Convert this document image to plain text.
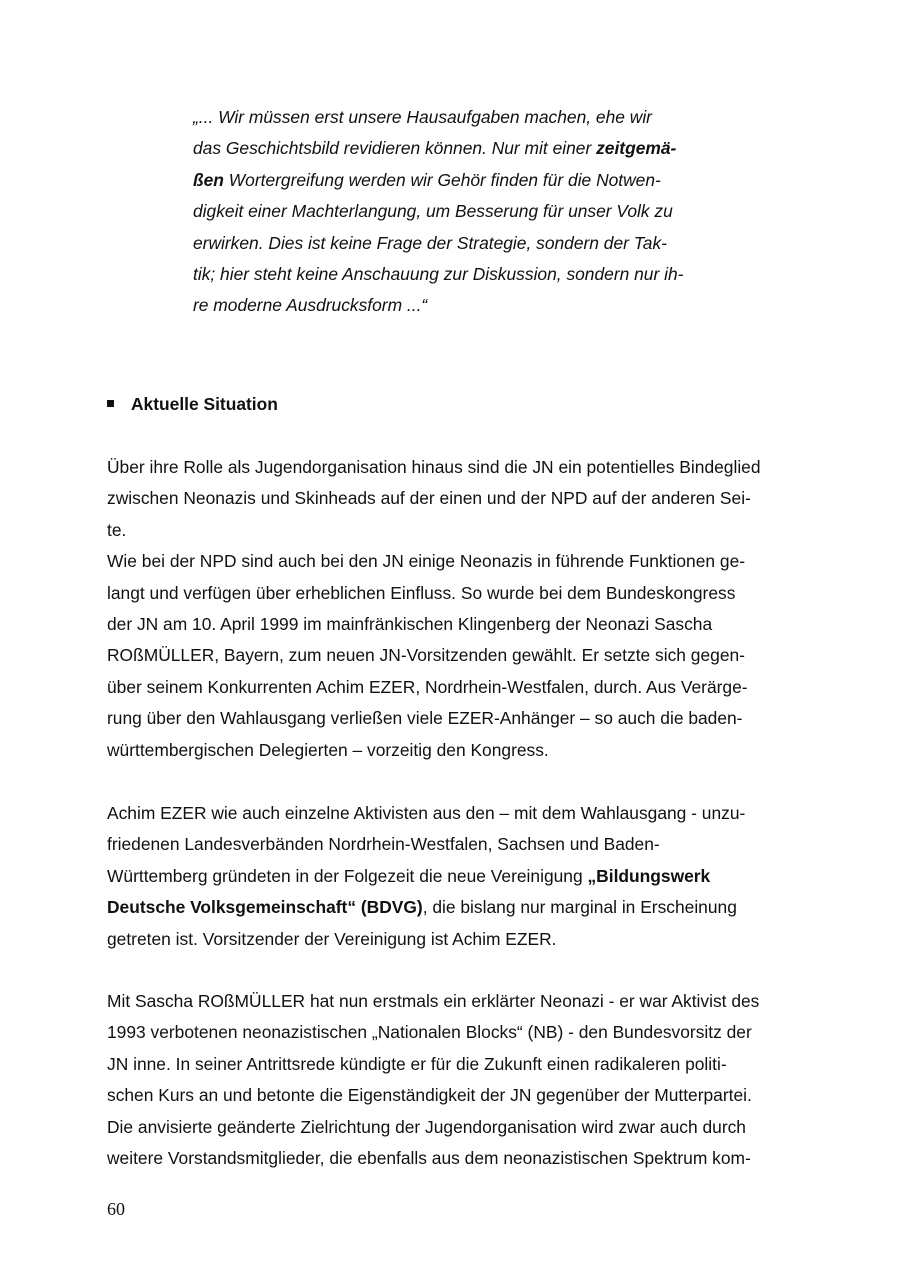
„... Wir müssen erst unsere Hausaufgaben machen, ehe wir
das Geschichtsbild revidieren können. Nur mit einer zeitgemä-
ßen Wortergreifung werden wir Gehör finden für die Notwen-
digkeit einer Machterlangung, um Besserung für unser Volk zu
erwirken. Dies ist keine Frage der Strategie, sondern der Tak-
tik; hier steht keine Anschauung zur Diskussion, sondern nur ih-
re moderne Ausdrucksform ...“
Aktuelle Situation
Über ihre Rolle als Jugendorganisation hinaus sind die JN ein potentielles Bindeglied
zwischen Neonazis und Skinheads auf der einen und der NPD auf der anderen Sei-
te.
Wie bei der NPD sind auch bei den JN einige Neonazis in führende Funktionen ge-
langt und verfügen über erheblichen Einfluss. So wurde bei dem Bundeskongress
der JN am 10. April 1999 im mainfränkischen Klingenberg der Neonazi Sascha
ROßMÜLLER, Bayern, zum neuen JN-Vorsitzenden gewählt. Er setzte sich gegen-
über seinem Konkurrenten Achim EZER, Nordrhein-Westfalen, durch. Aus Verärge-
rung über den Wahlausgang verließen viele EZER-Anhänger – so auch die baden-
württembergischen Delegierten – vorzeitig den Kongress.
Achim EZER wie auch einzelne Aktivisten aus den – mit dem Wahlausgang - unzu-
friedenen Landesverbänden Nordrhein-Westfalen, Sachsen und Baden-
Württemberg gründeten in der Folgezeit die neue Vereinigung „Bildungswerk
Deutsche Volksgemeinschaft“ (BDVG), die bislang nur marginal in Erscheinung
getreten ist. Vorsitzender der Vereinigung ist Achim EZER.
Mit Sascha ROßMÜLLER hat nun erstmals ein erklärter Neonazi - er war Aktivist des
1993 verbotenen neonazistischen „Nationalen Blocks“ (NB) - den Bundesvorsitz der
JN inne. In seiner Antrittsrede kündigte er für die Zukunft einen radikaleren politi-
schen Kurs an und betonte die Eigenständigkeit der JN gegenüber der Mutterpartei.
Die anvisierte geänderte Zielrichtung der Jugendorganisation wird zwar auch durch
weitere Vorstandsmitglieder, die ebenfalls aus dem neonazistischen Spektrum kom-
60
